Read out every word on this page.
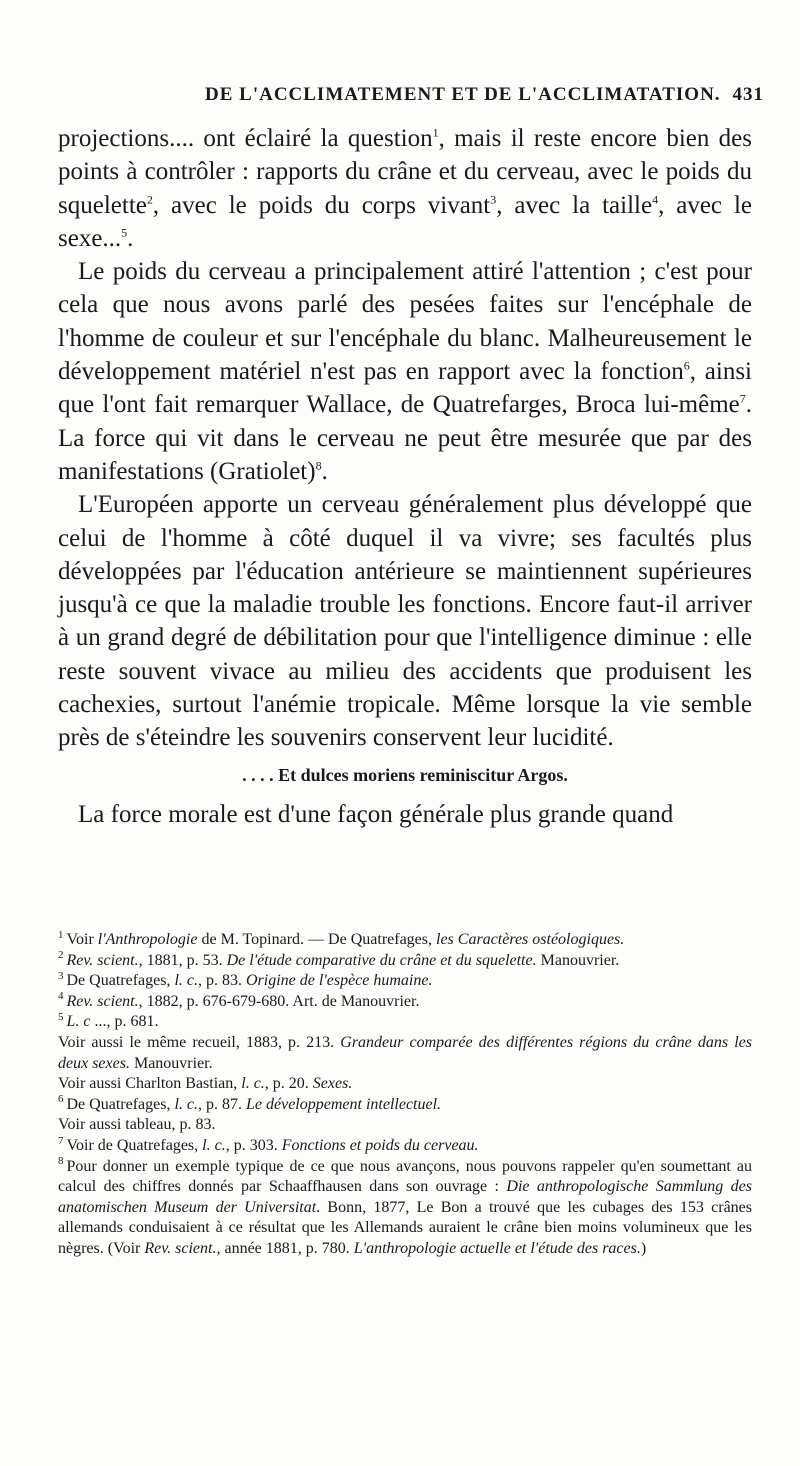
DE L'ACCLIMATEMENT ET DE L'ACCLIMATATION. 431

projections.... ont éclairé la question$^1$, mais il reste encore bien des points à contrôler : rapports du crâne et du cerveau, avec le poids du squelette$^2$, avec le poids du corps vivant$^3$, avec la taille$^4$, avec le sexe...$^5$.

Le poids du cerveau a principalement attiré l'attention ; c'est pour cela que nous avons parlé des pesées faites sur l'encéphale de l'homme de couleur et sur l'encéphale du blanc. Malheureusement le développement matériel n'est pas en rapport avec la fonction$^6$, ainsi que l'ont fait remarquer Wallace, de Quatrefarges, Broca lui-même$^7$. La force qui vit dans le cerveau ne peut être mesurée que par des manifestations (Gratiolet)$^8$.

L'Européen apporte un cerveau généralement plus développé que celui de l'homme à côté duquel il va vivre; ses facultés plus développées par l'éducation antérieure se maintiennent supérieures jusqu'à ce que la maladie trouble les fonctions. Encore faut-il arriver à un grand degré de débilitation pour que l'intelligence diminue : elle reste souvent vivace au milieu des accidents que produisent les cachexies, surtout l'anémie tropicale. Même lorsque la vie semble près de s'éteindre les souvenirs conservent leur lucidité.

. . . . Et dulces moriens reminiscitur Argos.

La force morale est d'une façon générale plus grande quand

$^1$ Voir l'Anthropologie de M. Topinard. — De Quatrefages, les Caractères ostéologiques.

$^2$ Rev. scient., 1881, p. 53. De l'étude comparative du crâne et du squelette. Manouvrier.

$^3$ De Quatrefages, l. c., p. 83. Origine de l'espèce humaine.

$^4$ Rev. scient., 1882, p. 676-679-680. Art. de Manouvrier.

$^5$ L. c ..., p. 681.

Voir aussi le même recueil, 1883, p. 213. Grandeur comparée des différentes régions du crâne dans les deux sexes. Manouvrier.

Voir aussi Charlton Bastian, l. c., p. 20. Sexes.

$^6$ De Quatrefages, l. c., p. 87. Le développement intellectuel.

Voir aussi tableau, p. 83.

$^7$ Voir de Quatrefages, l. c., p. 303. Fonctions et poids du cerveau.

$^8$ Pour donner un exemple typique de ce que nous avançons, nous pouvons rappeler qu'en soumettant au calcul des chiffres donnés par Schaaffhausen dans son ouvrage : Die anthropologische Sammlung des anatomischen Museum der Universitat. Bonn, 1877, Le Bon a trouvé que les cubages des 153 crânes allemands conduisaient à ce résultat que les Allemands auraient le crâne bien moins volumineux que les nègres. (Voir Rev. scient., année 1881, p. 780. L'anthropologie actuelle et l'étude des races.)
